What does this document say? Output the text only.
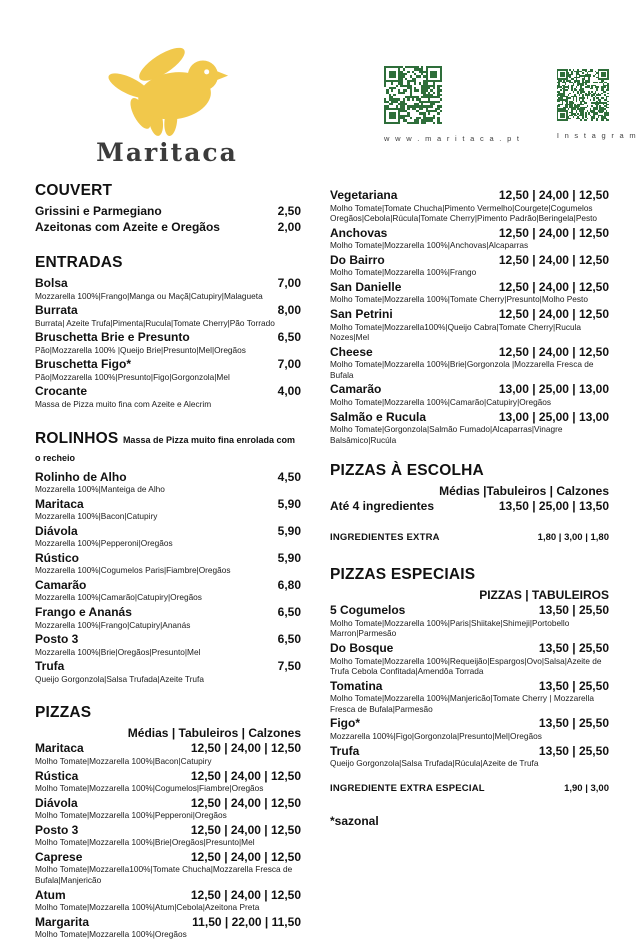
Maritaca	w w w . m a r i t a c a . p t	I n s t a g r a m
COUVERT
Grissini e Parmegiano	2,50
Azeitonas com Azeite e Oregãos	2,00
ENTRADAS
Bolsa	7,00
Mozzarella 100%|Frango|Manga ou Maçã|Catupiry|Malagueta
Burrata	8,00
Burrata| Azeite Trufa|Pimenta|Rucula|Tomate Cherry|Pão Torrado
Bruschetta Brie e Presunto	6,50
Pão|Mozzarella 100% |Queijo Brie|Presunto|Mel|Oregãos
Bruschetta Figo*	7,00
Pão|Mozzarella 100%|Presunto|Figo|Gorgonzola|Mel
Crocante	4,00
Massa de Pizza muito fina com Azeite e Alecrim
ROLINHOS Massa de Pizza muito fina enrolada com o recheio
Rolinho de Alho	4,50
Mozzarella 100%|Manteiga de Alho
Maritaca	5,90
Mozzarella 100%|Bacon|Catupiry
Diávola	5,90
Mozzarella 100%|Pepperoni|Oregãos
Rústico	5,90
Mozzarella 100%|Cogumelos Paris|Fiambre|Oregãos
Camarão	6,80
Mozzarella 100%|Camarão|Catupiry|Oregãos
Frango e Ananás	6,50
Mozzarella 100%|Frango|Catupiry|Ananás
Posto 3	6,50
Mozzarella 100%|Brie|Oregãos|Presunto|Mel
Trufa	7,50
Queijo Gorgonzola|Salsa Trufada|Azeite Trufa
PIZZAS
Médias | Tabuleiros | Calzones
Maritaca	12,50 | 24,00 | 12,50
Molho Tomate|Mozzarella 100%|Bacon|Catupiry
Rústica	12,50 | 24,00 | 12,50
Molho Tomate|Mozzarella 100%|Cogumelos|Fiambre|Oregãos
Diávola	12,50 | 24,00 | 12,50
Molho Tomate|Mozzarella 100%|Pepperoni|Oregãos
Posto 3	12,50 | 24,00 | 12,50
Molho Tomate|Mozzarella 100%|Brie|Oregãos|Presunto|Mel
Caprese	12,50 | 24,00 | 12,50
Molho Tomate|Mozzarella100%|Tomate Chucha|Mozzarella Fresca de Bufala|Manjericão
Atum	12,50 | 24,00 | 12,50
Molho Tomate|Mozzarella 100%|Atum|Cebola|Azeitona Preta
Margarita	11,50 | 22,00 | 11,50
Molho Tomate|Mozzarella 100%|Oregãos
Vegetariana	12,50 | 24,00 | 12,50
Molho Tomate|Tomate Chucha|Pimento Vermelho|Courgete|Cogumelos Oregãos|Cebola|Rúcula|Tomate Cherry|Pimento Padrão|Beringela|Pesto
Anchovas	12,50 | 24,00 | 12,50
Molho Tomate|Mozzarella 100%|Anchovas|Alcaparras
Do Bairro	12,50 | 24,00 | 12,50
Molho Tomate|Mozzarella 100%|Frango
San Danielle	12,50 | 24,00 | 12,50
Molho Tomate|Mozzarella 100%|Tomate Cherry|Presunto|Molho Pesto
San Petrini	12,50 | 24,00 | 12,50
Molho Tomate|Mozzarella100%|Queijo Cabra|Tomate Cherry|Rucula Nozes|Mel
Cheese	12,50 | 24,00 | 12,50
Molho Tomate|Mozzarella 100%|Brie|Gorgonzola |Mozzarella Fresca de Bufala
Camarão	13,00 | 25,00 | 13,00
Molho Tomate|Mozzarella 100%|Camarão|Catupiry|Oregãos
Salmão e Rucula	13,00 | 25,00 | 13,00
Molho Tomate|Gorgonzola|Salmão Fumado|Alcaparras|Vinagre Balsâmico|Rucúla
PIZZAS À ESCOLHA
Médias |Tabuleiros | Calzones
Até 4 ingredientes	13,50 | 25,00 | 13,50
INGREDIENTES EXTRA	1,80 | 3,00 | 1,80
PIZZAS ESPECIAIS
PIZZAS | TABULEIROS
5 Cogumelos	13,50 | 25,50
Molho Tomate|Mozzarella 100%|Paris|Shiitake|Shimeji|Portobello Marron|Parmesão
Do Bosque	13,50 | 25,50
Molho Tomate|Mozzarella 100%|Requeijão|Espargos|Ovo|Salsa|Azeite de Trufa Cebola Confitada|Amendôa Torrada
Tomatina	13,50 | 25,50
Molho Tomate|Mozzarella 100%|Manjericão|Tomate Cherry | Mozzarella Fresca de Bufala|Parmesão
Figo*	13,50 | 25,50
Mozzarella 100%|Figo|Gorgonzola|Presunto|Mel|Oregãos
Trufa	13,50 | 25,50
Queijo Gorgonzola|Salsa Trufada|Rúcula|Azeite de Trufa
INGREDIENTE EXTRA ESPECIAL	1,90 | 3,00
*sazonal
